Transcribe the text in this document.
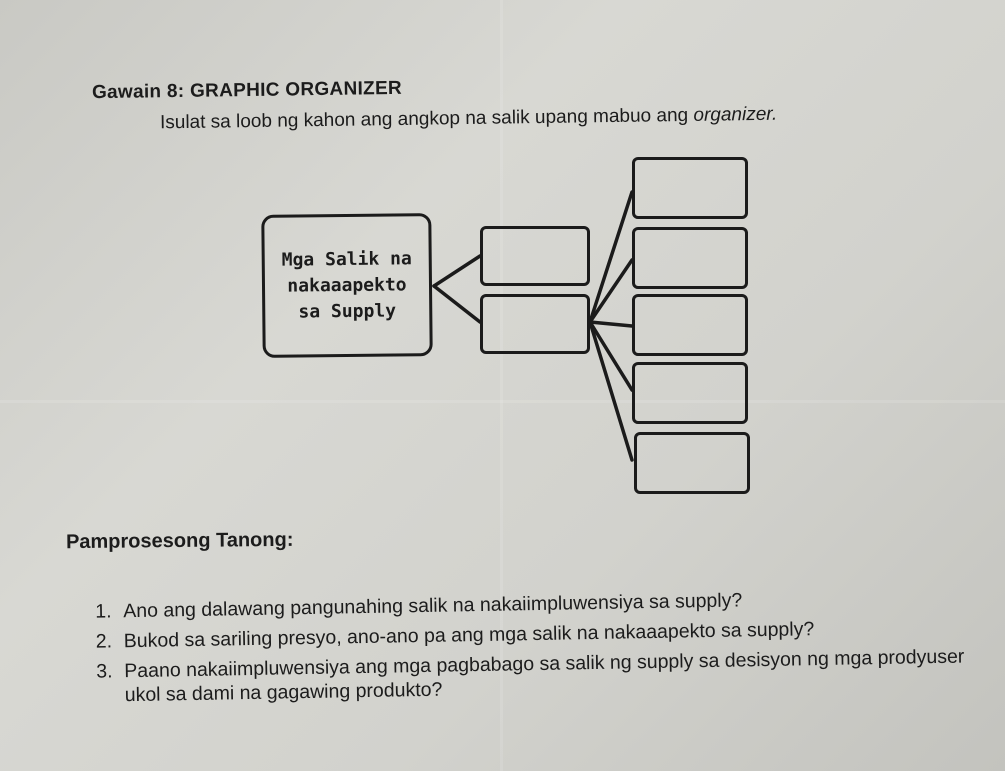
Gawain 8: GRAPHIC ORGANIZER
Isulat sa loob ng kahon ang angkop na salik upang mabuo ang organizer.
Mga Salik na
nakaaapekto
sa Supply
Pamprosesong Tanong:
1. Ano ang dalawang pangunahing salik na nakaiimpluwensiya sa supply?
2. Bukod sa sariling presyo, ano-ano pa ang mga salik na nakaaapekto sa supply?
3. Paano nakaiimpluwensiya ang mga pagbabago sa salik ng supply sa desisyon ng mga prodyuser ukol sa dami na gagawing produkto?
